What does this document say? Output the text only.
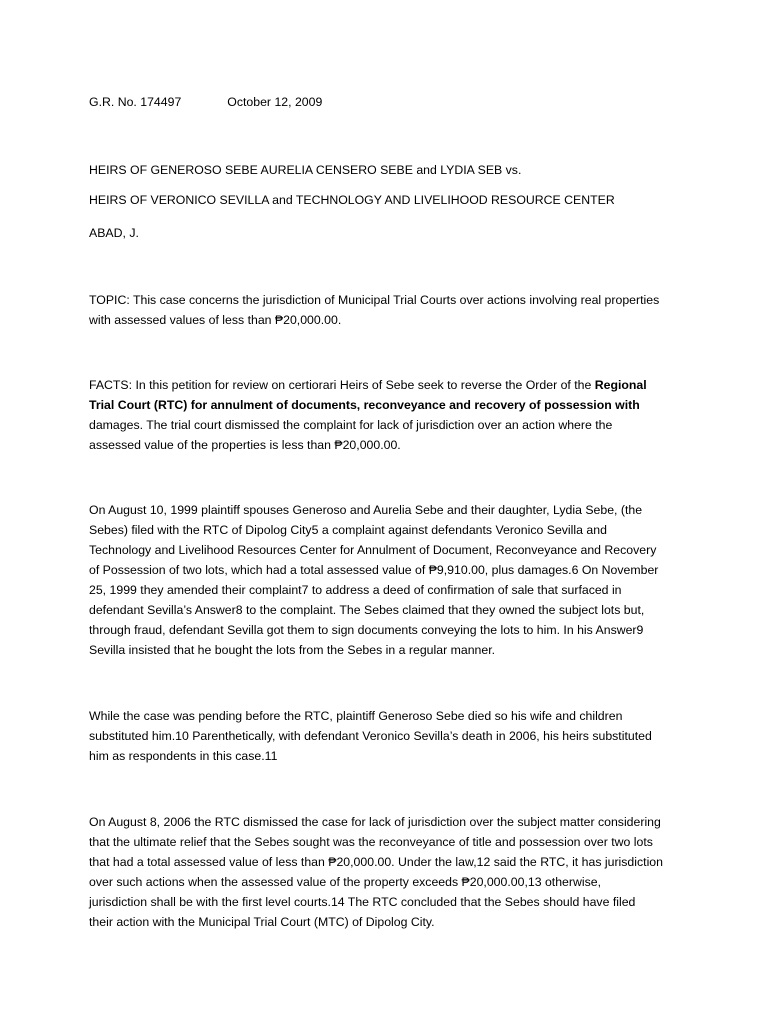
G.R. No. 174497	October 12, 2009

HEIRS OF GENEROSO SEBE AURELIA CENSERO SEBE and LYDIA SEB vs.

HEIRS OF VERONICO SEVILLA and TECHNOLOGY AND LIVELIHOOD RESOURCE CENTER

ABAD, J.

TOPIC: This case concerns the jurisdiction of Municipal Trial Courts over actions involving real properties
with assessed values of less than ₱20,000.00.
FACTS: In this petition for review on certiorari Heirs of Sebe seek to reverse the Order of the Regional
Trial Court (RTC) for annulment of documents, reconveyance and recovery of possession with
damages. The trial court dismissed the complaint for lack of jurisdiction over an action where the
assessed value of the properties is less than ₱20,000.00.
On August 10, 1999 plaintiff spouses Generoso and Aurelia Sebe and their daughter, Lydia Sebe, (the
Sebes) filed with the RTC of Dipolog City5 a complaint against defendants Veronico Sevilla and
Technology and Livelihood Resources Center for Annulment of Document, Reconveyance and Recovery
of Possession of two lots, which had a total assessed value of ₱9,910.00, plus damages.6 On November
25, 1999 they amended their complaint7 to address a deed of confirmation of sale that surfaced in
defendant Sevilla’s Answer8 to the complaint. The Sebes claimed that they owned the subject lots but,
through fraud, defendant Sevilla got them to sign documents conveying the lots to him. In his Answer9
Sevilla insisted that he bought the lots from the Sebes in a regular manner.
While the case was pending before the RTC, plaintiff Generoso Sebe died so his wife and children
substituted him.10 Parenthetically, with defendant Veronico Sevilla’s death in 2006, his heirs substituted
him as respondents in this case.11
On August 8, 2006 the RTC dismissed the case for lack of jurisdiction over the subject matter considering
that the ultimate relief that the Sebes sought was the reconveyance of title and possession over two lots
that had a total assessed value of less than ₱20,000.00. Under the law,12 said the RTC, it has jurisdiction
over such actions when the assessed value of the property exceeds ₱20,000.00,13 otherwise,
jurisdiction shall be with the first level courts.14 The RTC concluded that the Sebes should have filed
their action with the Municipal Trial Court (MTC) of Dipolog City.
